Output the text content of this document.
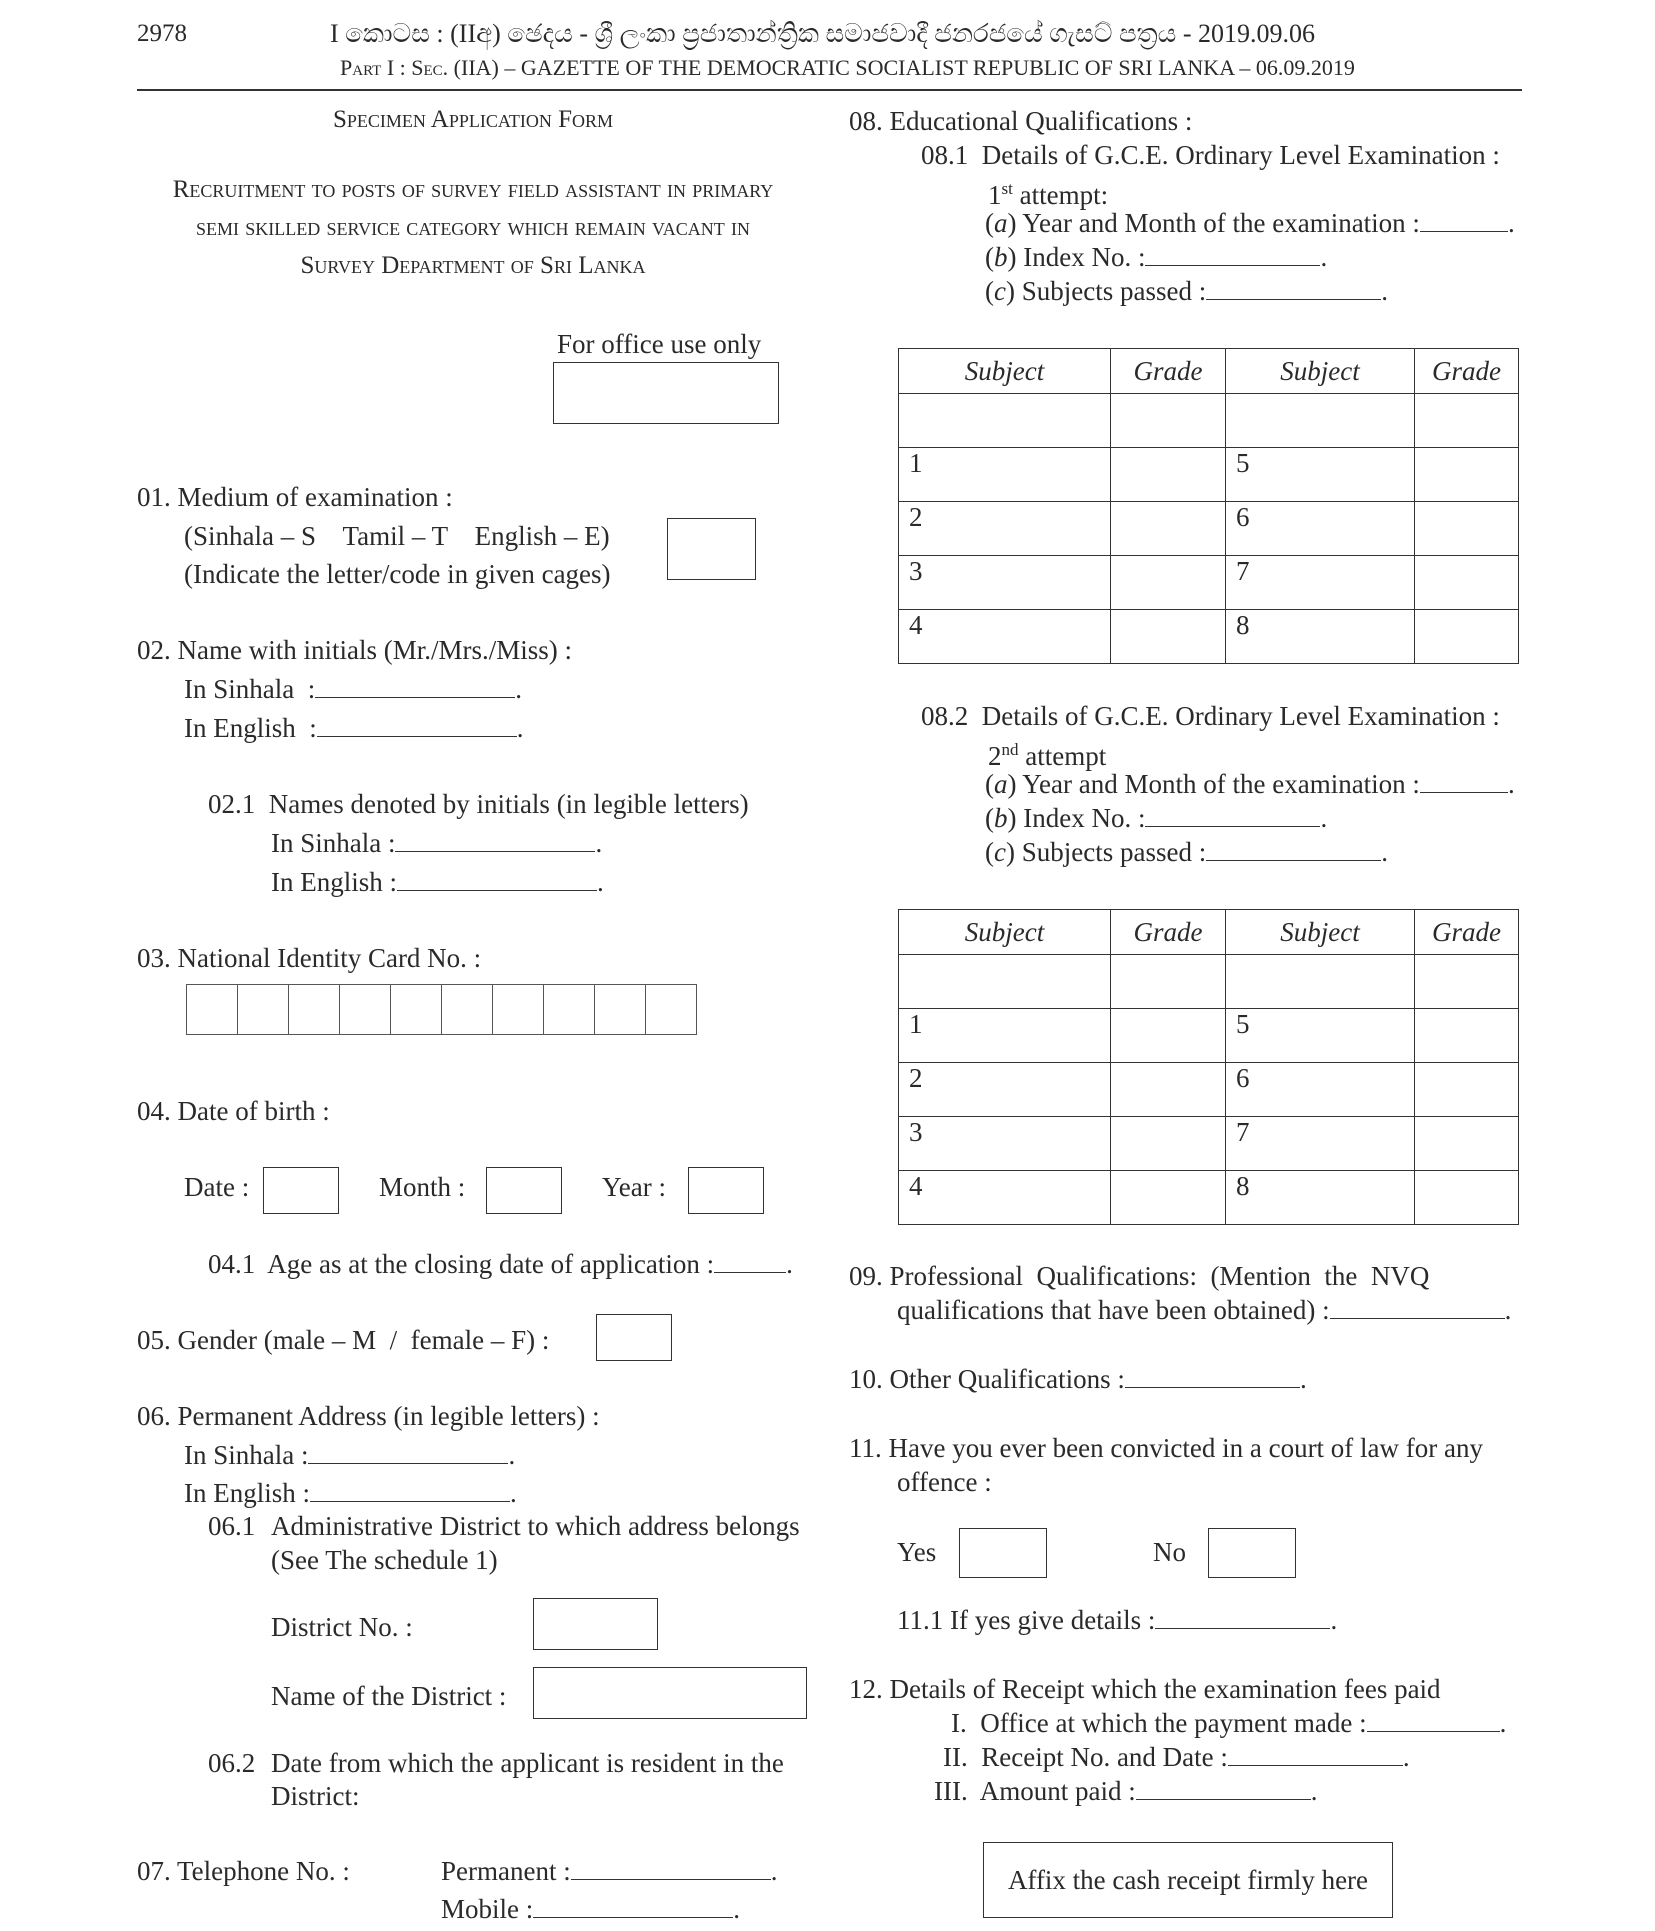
2978	I කොටස : (IIඅ) ඡෙදය - ශ්‍රී ලංකා ප්‍රජාතාන්ත්‍රික සමාජවාදී ජනරජයේ ගැසට් පත්‍රය - 2019.09.06
Part I : Sec. (IIA) – GAZETTE OF THE DEMOCRATIC SOCIALIST REPUBLIC OF SRI LANKA – 06.09.2019
Specimen Application Form
Recruitment to posts of survey field assistant in primary
semi skilled service category which remain vacant in
Survey Department of Sri Lanka
For office use only
01. Medium of examination :
(Sinhala – S    Tamil – T    English – E)
(Indicate the letter/code in given cages)
02. Name with initials (Mr./Mrs./Miss) :
In Sinhala  :	.
In English  :	.
02.1  Names denoted by initials (in legible letters)
In Sinhala :	.
In English :	.
03. National Identity Card No. :
04. Date of birth :
Date :	Month :	Year :
04.1  Age as at the closing date of application :	.
05. Gender (male – M  /  female – F) :
06. Permanent Address (in legible letters) :
In Sinhala :	.
In English :	.
06.1 Administrative District to which address belongs
(See The schedule 1)
District No. :
Name of the District :
06.2 Date from which the applicant is resident in the
District:
07. Telephone No. :	Permanent :	.
Mobile :	.
08. Educational Qualifications :
08.1  Details of G.C.E. Ordinary Level Examination :
1st attempt:
(a) Year and Month of the examination :	.
(b) Index No. :	.
(c) Subjects passed :	.
Subject	Grade	Subject	Grade

1		5	
2		6	
3		7	
4		8	
08.2  Details of G.C.E. Ordinary Level Examination :
2nd attempt
(a) Year and Month of the examination :	.
(b) Index No. :	.
(c) Subjects passed :	.
Subject	Grade	Subject	Grade

1		5	
2		6	
3		7	
4		8	
09. Professional  Qualifications:  (Mention  the  NVQ
qualifications that have been obtained) :	.
10. Other Qualifications :	.
11. Have you ever been convicted in a court of law for any
offence :
Yes	No
11.1 If yes give details :	.
12. Details of Receipt which the examination fees paid
I.  Office at which the payment made :	.
II.  Receipt No. and Date :	.
III.  Amount paid :	.
Affix the cash receipt firmly here
